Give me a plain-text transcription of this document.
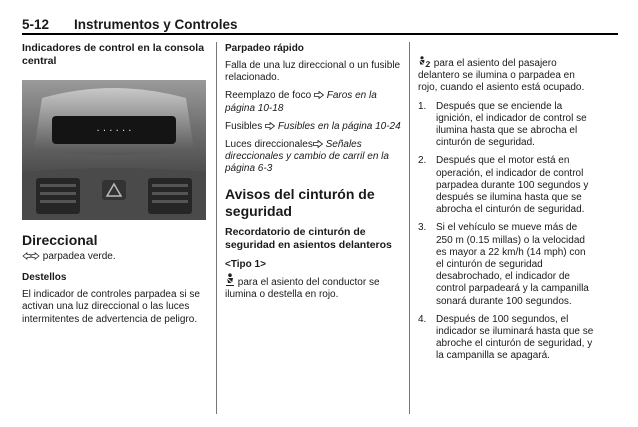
5-12	Instrumentos y Controles
Indicadores de control en la consola central
· · · · · ·
Direccional
parpadea verde.
Destellos
El indicador de controles parpadea si se activan una luz direccional o las luces intermitentes de advertencia de peligro.
Parpadeo rápido
Falla de una luz direccional o un fusible relacionado.
Reemplazo de foco Faros en la página 10-18
Fusibles Fusibles en la página 10-24
Luces direccionales Señales direccionales y cambio de carril en la página 6-3
Avisos del cinturón de seguridad
Recordatorio de cinturón de seguridad en asientos delanteros
<Tipo 1>
para el asiento del conductor se ilumina o destella en rojo.
para el asiento del pasajero delantero se ilumina o parpadea en rojo, cuando el asiento está ocupado.
1. Después que se enciende la ignición, el indicador de control se ilumina hasta que se abrocha el cinturón de seguridad.
2. Después que el motor está en operación, el indicador de control parpadea durante 100 segundos y después se ilumina hasta que se abrocha el cinturón de seguridad.
3. Si el vehículo se mueve más de 250 m (0.15 millas) o la velocidad es mayor a 22 km/h (14 mph) con el cinturón de seguridad desabrochado, el indicador de control parpadeará y la campanilla sonará durante 100 segundos.
4. Después de 100 segundos, el indicador se iluminará hasta que se abroche el cinturón de seguridad, y la campanilla se apagará.
